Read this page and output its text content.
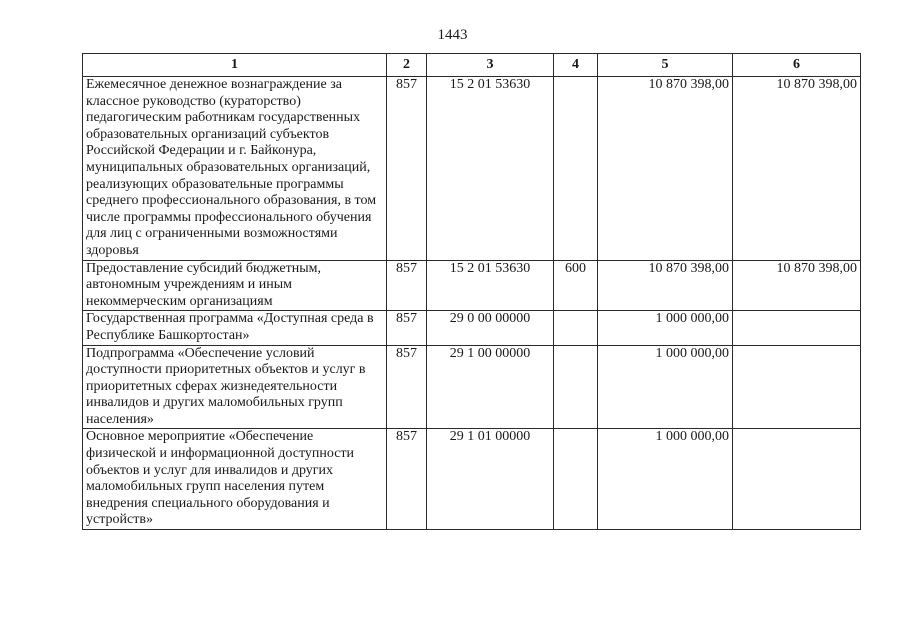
1443
1	2	3	4	5	6
Ежемесячное денежное вознаграждение за классное руководство (кураторство) педагогическим работникам государственных образовательных организаций субъектов Российской Федерации и г. Байконура, муниципальных образовательных организаций, реализующих образовательные программы среднего профессионального образования, в том числе программы профессионального обучения для лиц с ограниченными возможностями здоровья	857	15 2 01 53630		10 870 398,00	10 870 398,00
Предоставление субсидий бюджетным, автономным учреждениям и иным некоммерческим организациям	857	15 2 01 53630	600	10 870 398,00	10 870 398,00
Государственная программа «Доступная среда в Республике Башкортостан»	857	29 0 00 00000		1 000 000,00	
Подпрограмма «Обеспечение условий доступности приоритетных объектов и услуг в приоритетных сферах жизнедеятельности инвалидов и других маломобильных групп населения»	857	29 1 00 00000		1 000 000,00	
Основное мероприятие «Обеспечение физической и информационной доступности объектов и услуг для инвалидов и других маломобильных групп населения путем внедрения специального оборудования и устройств»	857	29 1 01 00000		1 000 000,00	
